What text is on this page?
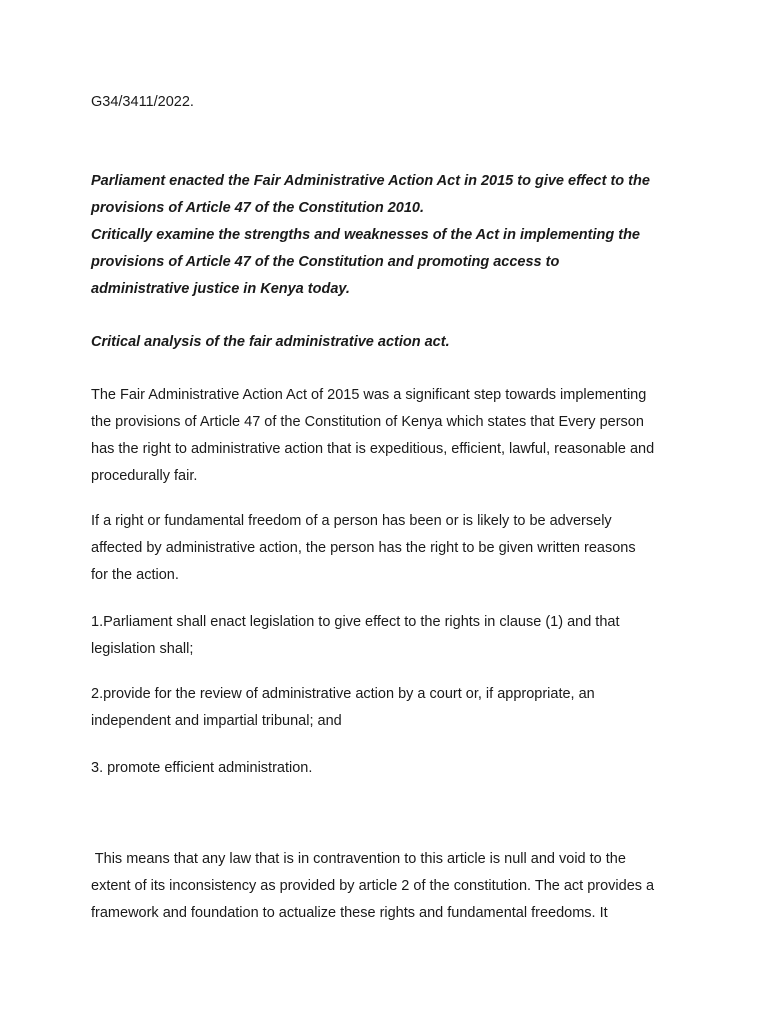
G34/3411/2022.
Parliament enacted the Fair Administrative Action Act in 2015 to give effect to the
provisions of Article 47 of the Constitution 2010.
Critically examine the strengths and weaknesses of the Act in implementing the
provisions of Article 47 of the Constitution and promoting access to
administrative justice in Kenya today.
Critical analysis of the fair administrative action act.
The Fair Administrative Action Act of 2015 was a significant step towards implementing
the provisions of Article 47 of the Constitution of Kenya which states that Every person
has the right to administrative action that is expeditious, efficient, lawful, reasonable and
procedurally fair.
If a right or fundamental freedom of a person has been or is likely to be adversely
affected by administrative action, the person has the right to be given written reasons
for the action.
1.Parliament shall enact legislation to give effect to the rights in clause (1) and that
legislation shall;
2.provide for the review of administrative action by a court or, if appropriate, an
independent and impartial tribunal; and
3. promote efficient administration.
This means that any law that is in contravention to this article is null and void to the
extent of its inconsistency as provided by article 2 of the constitution. The act provides a
framework and foundation to actualize these rights and fundamental freedoms. It
